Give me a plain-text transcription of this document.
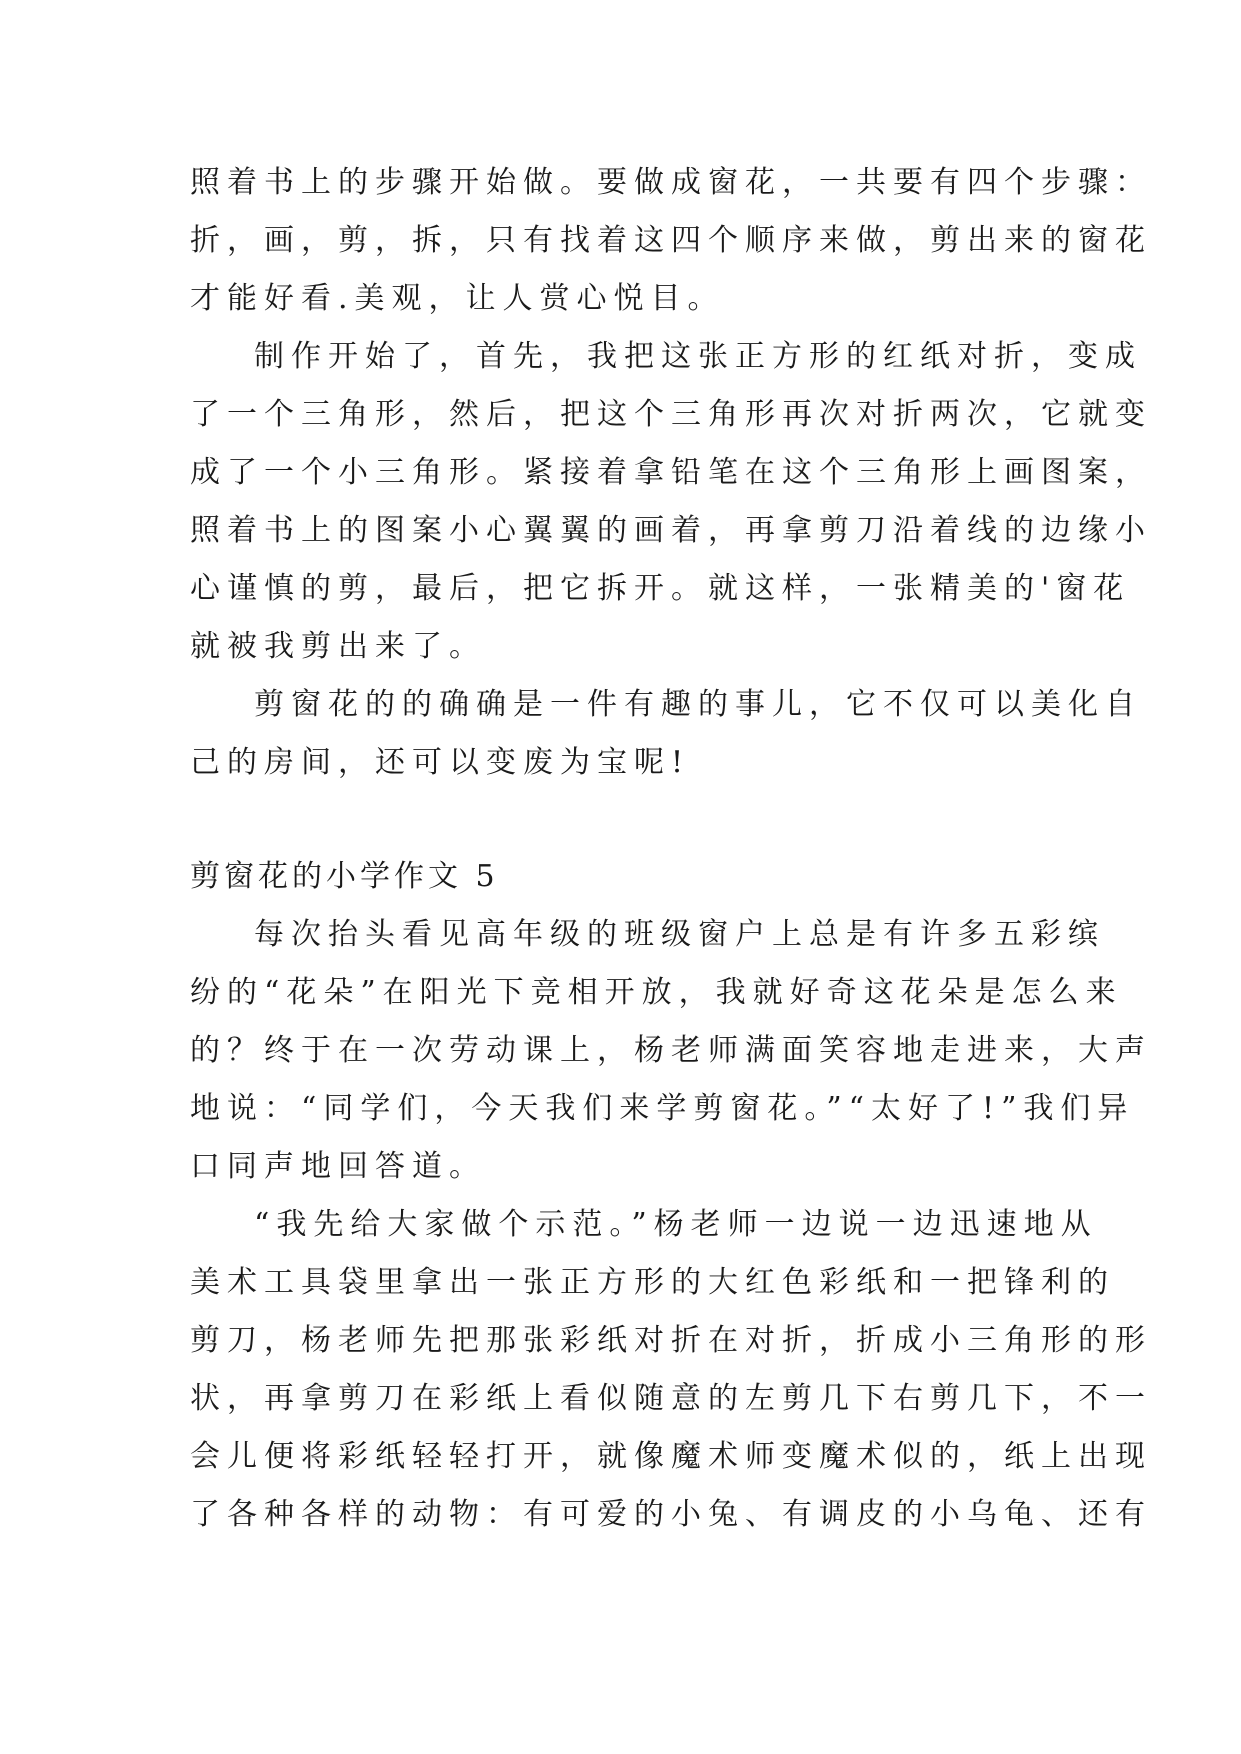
照着书上的步骤开始做。要做成窗花，一共要有四个步骤：
折，画，剪，拆，只有找着这四个顺序来做，剪出来的窗花
才能好看.美观，让人赏心悦目。
制作开始了，首先，我把这张正方形的红纸对折，变成
了一个三角形，然后，把这个三角形再次对折两次，它就变
成了一个小三角形。紧接着拿铅笔在这个三角形上画图案，
照着书上的图案小心翼翼的画着，再拿剪刀沿着线的边缘小
心谨慎的剪，最后，把它拆开。就这样，一张精美的'窗花
就被我剪出来了。
剪窗花的的确确是一件有趣的事儿，它不仅可以美化自
己的房间，还可以变废为宝呢!
剪窗花的小学作文 5
每次抬头看见高年级的班级窗户上总是有许多五彩缤
纷的“花朵”在阳光下竞相开放，我就好奇这花朵是怎么来
的？终于在一次劳动课上，杨老师满面笑容地走进来，大声
地说：“同学们，今天我们来学剪窗花。”“太好了!”我们异
口同声地回答道。
“我先给大家做个示范。”杨老师一边说一边迅速地从
美术工具袋里拿出一张正方形的大红色彩纸和一把锋利的
剪刀，杨老师先把那张彩纸对折在对折，折成小三角形的形
状，再拿剪刀在彩纸上看似随意的左剪几下右剪几下，不一
会儿便将彩纸轻轻打开，就像魔术师变魔术似的，纸上出现
了各种各样的动物：有可爱的小兔、有调皮的小乌龟、还有
